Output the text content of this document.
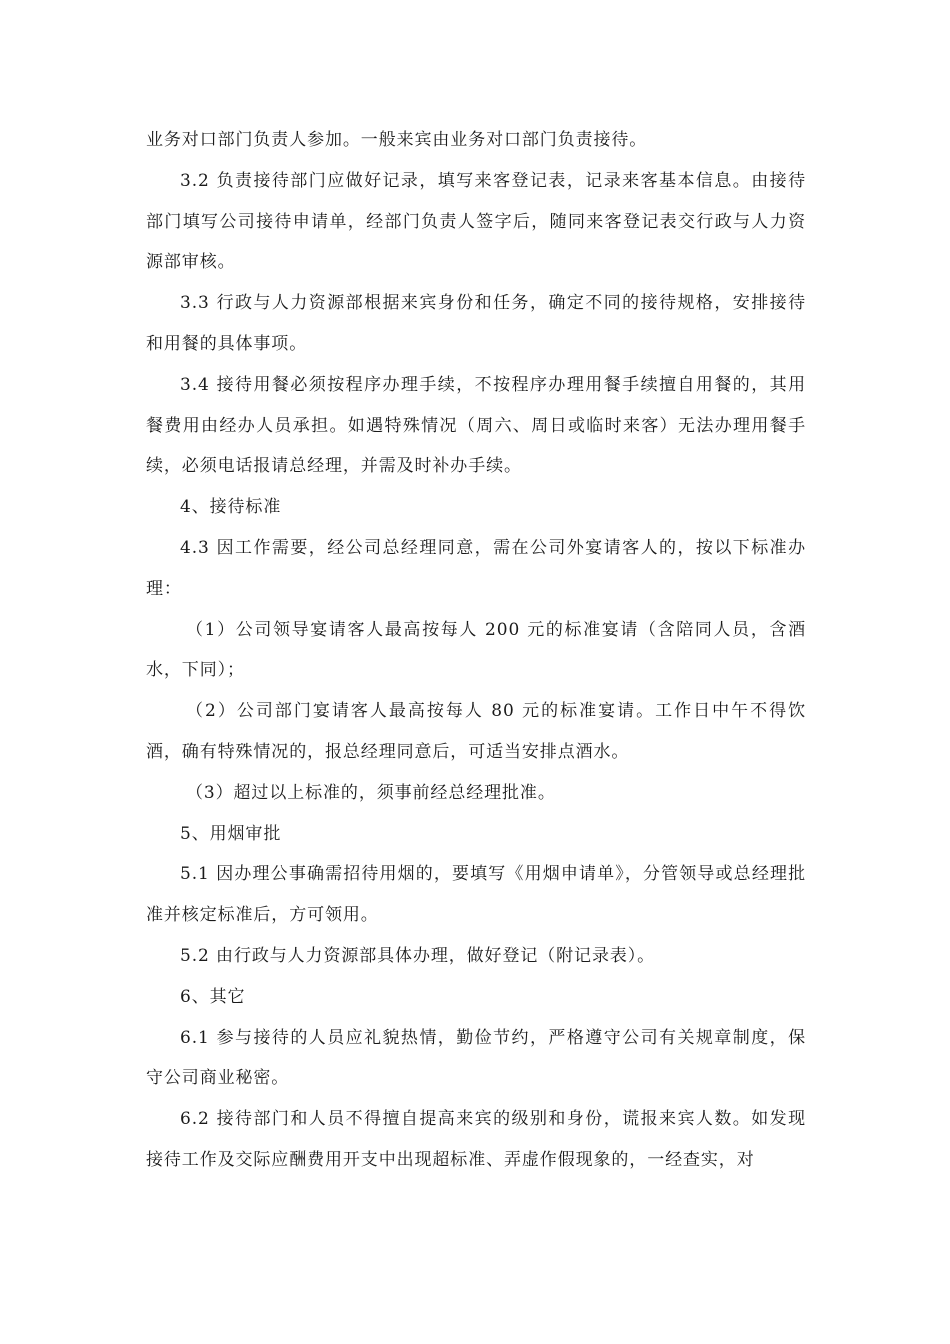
业务对口部门负责人参加。一般来宾由业务对口部门负责接待。

3.2 负责接待部门应做好记录，填写来客登记表，记录来客基本信息。由接待部门填写公司接待申请单，经部门负责人签字后，随同来客登记表交行政与人力资源部审核。

3.3 行政与人力资源部根据来宾身份和任务，确定不同的接待规格，安排接待和用餐的具体事项。

3.4 接待用餐必须按程序办理手续，不按程序办理用餐手续擅自用餐的，其用餐费用由经办人员承担。如遇特殊情况（周六、周日或临时来客）无法办理用餐手续，必须电话报请总经理，并需及时补办手续。

4、接待标准

4.3 因工作需要，经公司总经理同意，需在公司外宴请客人的，按以下标准办理：

（1）公司领导宴请客人最高按每人 200 元的标准宴请（含陪同人员，含酒水，下同）；

（2）公司部门宴请客人最高按每人 80 元的标准宴请。工作日中午不得饮酒，确有特殊情况的，报总经理同意后，可适当安排点酒水。

（3）超过以上标准的，须事前经总经理批准。

5、用烟审批

5.1 因办理公事确需招待用烟的，要填写《用烟申请单》，分管领导或总经理批准并核定标准后，方可领用。

5.2 由行政与人力资源部具体办理，做好登记（附记录表）。

6、其它

6.1 参与接待的人员应礼貌热情，勤俭节约，严格遵守公司有关规章制度，保守公司商业秘密。

6.2 接待部门和人员不得擅自提高来宾的级别和身份，谎报来宾人数。如发现接待工作及交际应酬费用开支中出现超标准、弄虚作假现象的，一经查实，对
